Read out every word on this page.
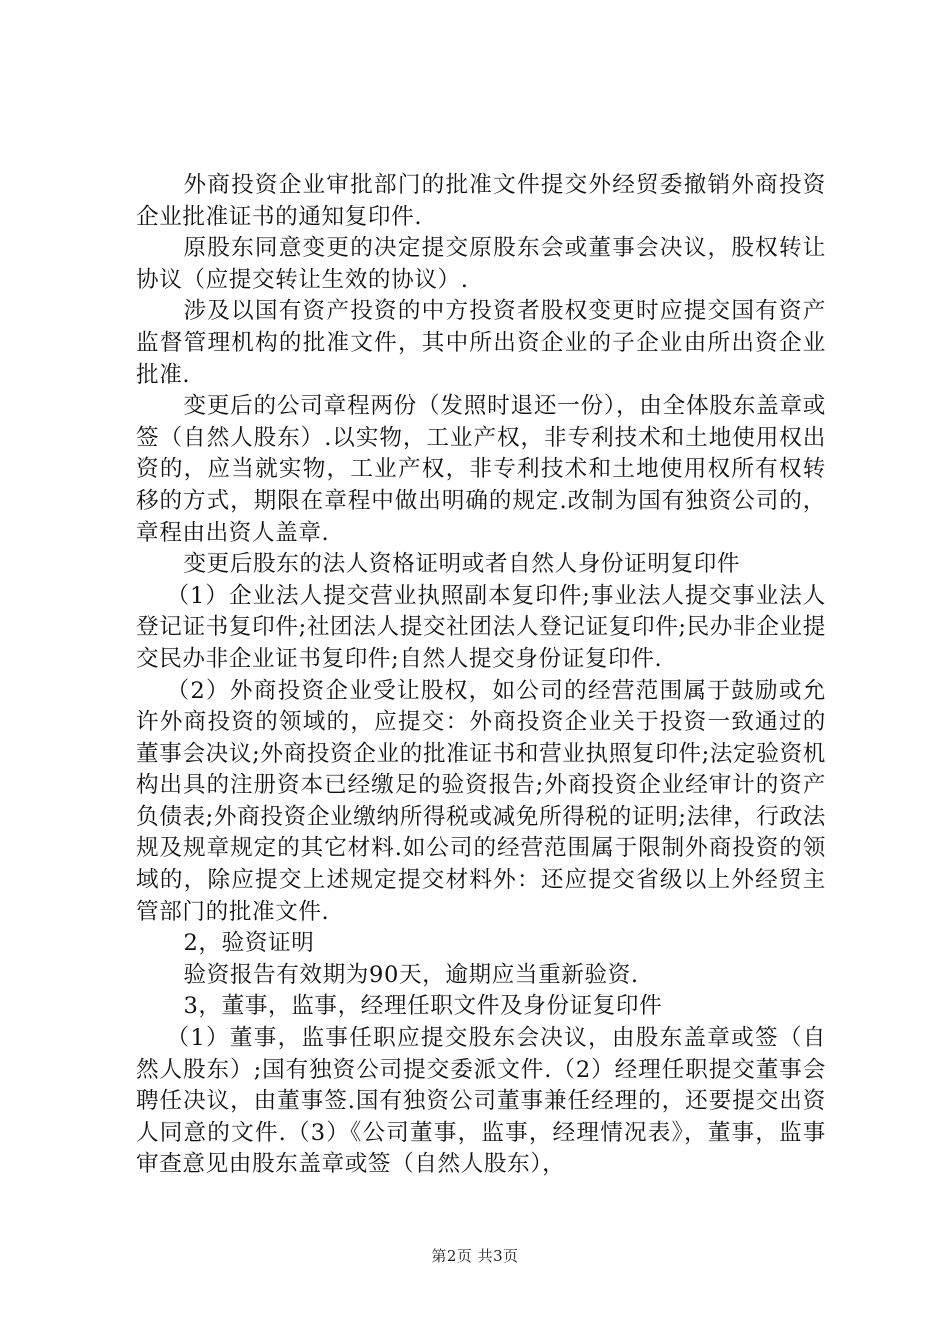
外商投资企业审批部门的批准文件提交外经贸委撤销外商投资企业批准证书的通知复印件.

原股东同意变更的决定提交原股东会或董事会决议，股权转让协议（应提交转让生效的协议）.

涉及以国有资产投资的中方投资者股权变更时应提交国有资产监督管理机构的批准文件，其中所出资企业的子企业由所出资企业批准.

变更后的公司章程两份（发照时退还一份），由全体股东盖章或签（自然人股东）.以实物，工业产权，非专利技术和土地使用权出资的，应当就实物，工业产权，非专利技术和土地使用权所有权转移的方式，期限在章程中做出明确的规定.改制为国有独资公司的，章程由出资人盖章.

变更后股东的法人资格证明或者自然人身份证明复印件

（1）企业法人提交营业执照副本复印件;事业法人提交事业法人登记证书复印件;社团法人提交社团法人登记证复印件;民办非企业提交民办非企业证书复印件;自然人提交身份证复印件.

（2）外商投资企业受让股权，如公司的经营范围属于鼓励或允许外商投资的领域的，应提交：外商投资企业关于投资一致通过的董事会决议;外商投资企业的批准证书和营业执照复印件;法定验资机构出具的注册资本已经缴足的验资报告;外商投资企业经审计的资产负债表;外商投资企业缴纳所得税或减免所得税的证明;法律，行政法规及规章规定的其它材料.如公司的经营范围属于限制外商投资的领域的，除应提交上述规定提交材料外：还应提交省级以上外经贸主管部门的批准文件.

2，验资证明

验资报告有效期为90天，逾期应当重新验资.

3，董事，监事，经理任职文件及身份证复印件

（1）董事，监事任职应提交股东会决议，由股东盖章或签（自然人股东）;国有独资公司提交委派文件.（2）经理任职提交董事会聘任决议，由董事签.国有独资公司董事兼任经理的，还要提交出资人同意的文件.（3）《公司董事，监事，经理情况表》，董事，监事审查意见由股东盖章或签（自然人股东），

第2页 共3页
